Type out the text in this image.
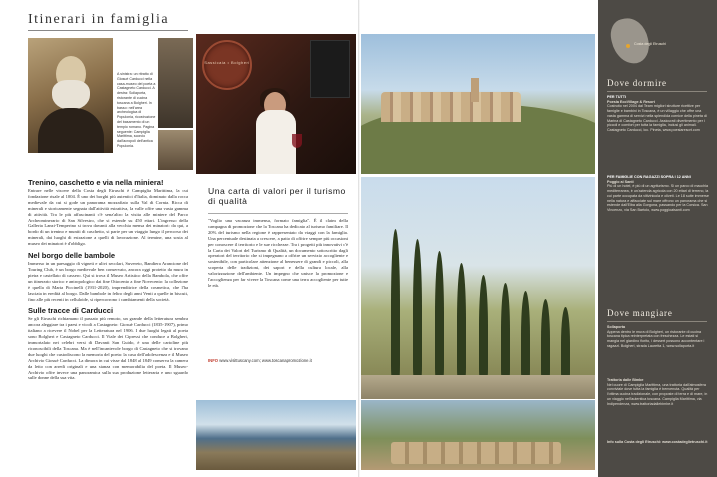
Itinerari in famiglia
A sinistra: un ritratto di Giosuè Carducci nella casa-museo del poeta a Castagneto Carducci. A destra: Sollaporta, ristorante di cucina toscana a Bolgheri. In basso: nell'area archeologica di Populonia, ricostruzione del basamento di un tempio romano. Pagina seguente: Campiglia Marittima, scorcio dall'acropoli dell'antica Populonia.
Sassicaia • Bolgheri
Trenino, caschetto e via nella miniera!

Entrare nelle viscere della Costa degli Etruschi è Campiglia Marittima, la cui fondazione risale al 1004. È uno dei borghi più autentici d'Italia, dominato dalla rocca medievale da cui si gode un panorama mozzafiato sulla Val di Cornia. Ricca di minerali e storicamente segnata dall'attività estrattiva, la valle offre una vasta gamma di attività. Tra le più affascinanti c'è senz'altro la visita alle miniere del Parco Archeominerario di San Silvestro, che si estende su 450 ettari. L'ingresso della Galleria Lanzi-Temperino si trova davanti alla vecchia mensa dei minatori: da qui, a bordo di un trenino e muniti di caschetto, si parte per un viaggio lungo il percorso dei minerali, dai luoghi di estrazione a quelli di lavorazione. Al termine, una sosta al museo dei minatori è d'obbligo.

Nel borgo delle bambole

Immerso in un paesaggio di vigneti e ulivi secolari, Suvereto, Bandiera Arancione del Touring Club, è un borgo medievale ben conservato, ancora oggi protetto da mura in pietra e castellato di cassero. Qui si trova il Museo Artistico della Bambola, che offre un itinerario storico e antropologico dai fine Ottocento a fine Novecento: la collezione è quella di Marta Piccinelli (1931-2020), imprenditrice della cosmetica, che l'ha lasciata in eredità al borgo. Dalle bambole in feltro degli anni Venti a quelle in biscuit, fino alle più recenti in celluloide, si ripercorrono i cambiamenti della società.

Sulle tracce di Carducci

Se gli Etruschi richiamano il passato più remoto, un grande della letteratura sembra ancora aleggiare tra i paesi e vicoli a Castagneto: Giosuè Carducci (1835-1907), primo italiano a ricevere il Nobel per la Letteratura nel 1906. I due luoghi legati al poeta sono Bolgheri e Castagneto Carducci. Il Viale dei Cipressi che conduce a Bolgheri, immortalato nei celebri versi di Davanti San Guido, è una delle cartoline più riconoscibili della Toscana. Ma è nell'incantevole borgo di Castagneto che si trovano due luoghi che custodiscono la memoria del poeta: la casa dell'adolescenza e il Museo Archivio Giosuè Carducci. La dimora in cui visse dal 1848 al 1849 conserva la camera da letto con arredi originali e una stanza con memorabilia del poeta. Il Museo-Archivio offre invece una panoramica sulla sua produzione letteraria e uno sguardo sulle donne della sua vita.

Una carta di valori per il turismo di qualità

"Voglio una vacanza immensa, formato famiglia". È il claim della campagna di promozione che la Toscana ha dedicato al turismo familiare. Il 20% del turismo nella regione è rappresentato da viaggi con la famiglia. Una percentuale destinata a crescere, a patto di offrire sempre più occasioni per conoscere il territorio e le sue ricchezze. Tra i progetti più innovativi c'è la Carta dei Valori del Turismo di Qualità, un documento sottoscritto dagli operatori del territorio che si impegnano a offrire un servizio accogliente e sostenibile, con particolare attenzione al benessere di grandi e piccoli, alla scoperta delle tradizioni, dei sapori e della cultura locale, alla valorizzazione dell'ambiente. Un impegno che unisce la promozione e l'accoglienza per far vivere la Toscana come una terra accogliente per tutte le età.

INFO www.visittuscany.com; www.toscanapromozione.it
Costa degli Etruschi
Dove dormire
PER TUTTI
Poesia EcoVillage & Resort
Costruito nel 2004 dal Team migliori strutture ricettive per famiglie e bambini in Toscana, è un villaggio che offre una vasta gamma di servizi nella splendida cornice della pineta di Marina di Castagneto Carducci. Assicurati divertimento per i piccoli e comfort per tutta la famiglia, inclusi gli animali. Castagneto Carducci, loc. Pineta, www.poesiaresort.com
PER FAMIGLIE CON RAGAZZI SOPRA I 12 ANNI
Poggio ai Santi
Più di un hotel, è più di un agriturismo. Si un parco di macchia mediterranea, è un'azienda agricola con 20 ettari di terreno, la cui parte occupata da vitivinicola e oliveti. Le 18 suite immerse nella natura e affacciate sul mare offrono un panorama che si estende dall'Elba alla Gorgona, passando per la Corsica. San Vincenzo, via San Bartolo, www.poggioaisanti.com
Dove mangiare
Sollaporta
Appena dentro le mura di Bolgheri, un ristorante di cucina toscana tipica reinterpretata con freschezza. Le estati si mangia nel giardino fiorito, i dessert possono accontentare i ragazzi. Bolgheri, strada Lauretta 1, www.sollaporta.it
Trattoria dalle Bimbe
Nel cuore di Campiglia Marittima, una trattoria dall'atmosfera conviviale dove tutta la famiglia è benvenuta. Qualità per l'ottima cucina tradizionale, con proposte di terra e di mare, in un viaggio nell'autentica toscana. Campiglia Marittima, via Indipendenza, www.trattoriadallebimbe.it
Info sulla Costa degli Etruschi: www.costadeglietruschi.it
